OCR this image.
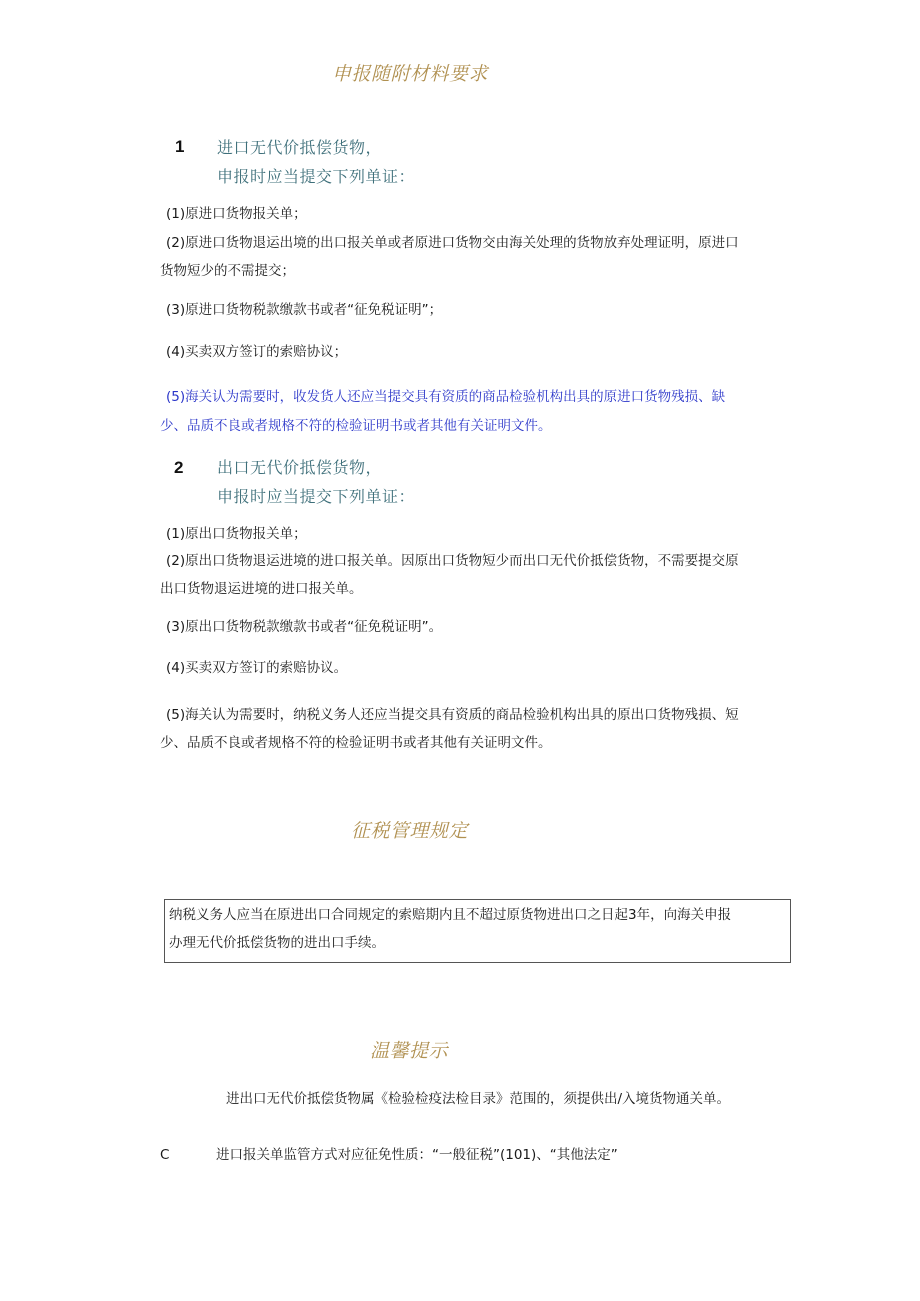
申报随附材料要求
1 进口无代价抵偿货物，
申报时应当提交下列单证：
(1)原进口货物报关单；
(2)原进口货物退运出境的出口报关单或者原进口货物交由海关处理的货物放弃处理证明，原进口
货物短少的不需提交；
(3)原进口货物税款缴款书或者“征免税证明”；
(4)买卖双方签订的索赔协议；
(5)海关认为需要时，收发货人还应当提交具有资质的商品检验机构出具的原进口货物残损、缺
少、品质不良或者规格不符的检验证明书或者其他有关证明文件。
2 出口无代价抵偿货物，
申报时应当提交下列单证：
(1)原出口货物报关单；
(2)原出口货物退运进境的进口报关单。因原出口货物短少而出口无代价抵偿货物，不需要提交原
出口货物退运进境的进口报关单。
(3)原出口货物税款缴款书或者“征免税证明”。
(4)买卖双方签订的索赔协议。
(5)海关认为需要时，纳税义务人还应当提交具有资质的商品检验机构出具的原出口货物残损、短
少、品质不良或者规格不符的检验证明书或者其他有关证明文件。
征税管理规定
纳税义务人应当在原进出口合同规定的索赔期内且不超过原货物进出口之日起3年，向海关申报
办理无代价抵偿货物的进出口手续。
温馨提示
进出口无代价抵偿货物属《检验检疫法检目录》范围的，须提供出/入境货物通关单。
C	进口报关单监管方式对应征免性质：“一般征税”(101)、“其他法定”
